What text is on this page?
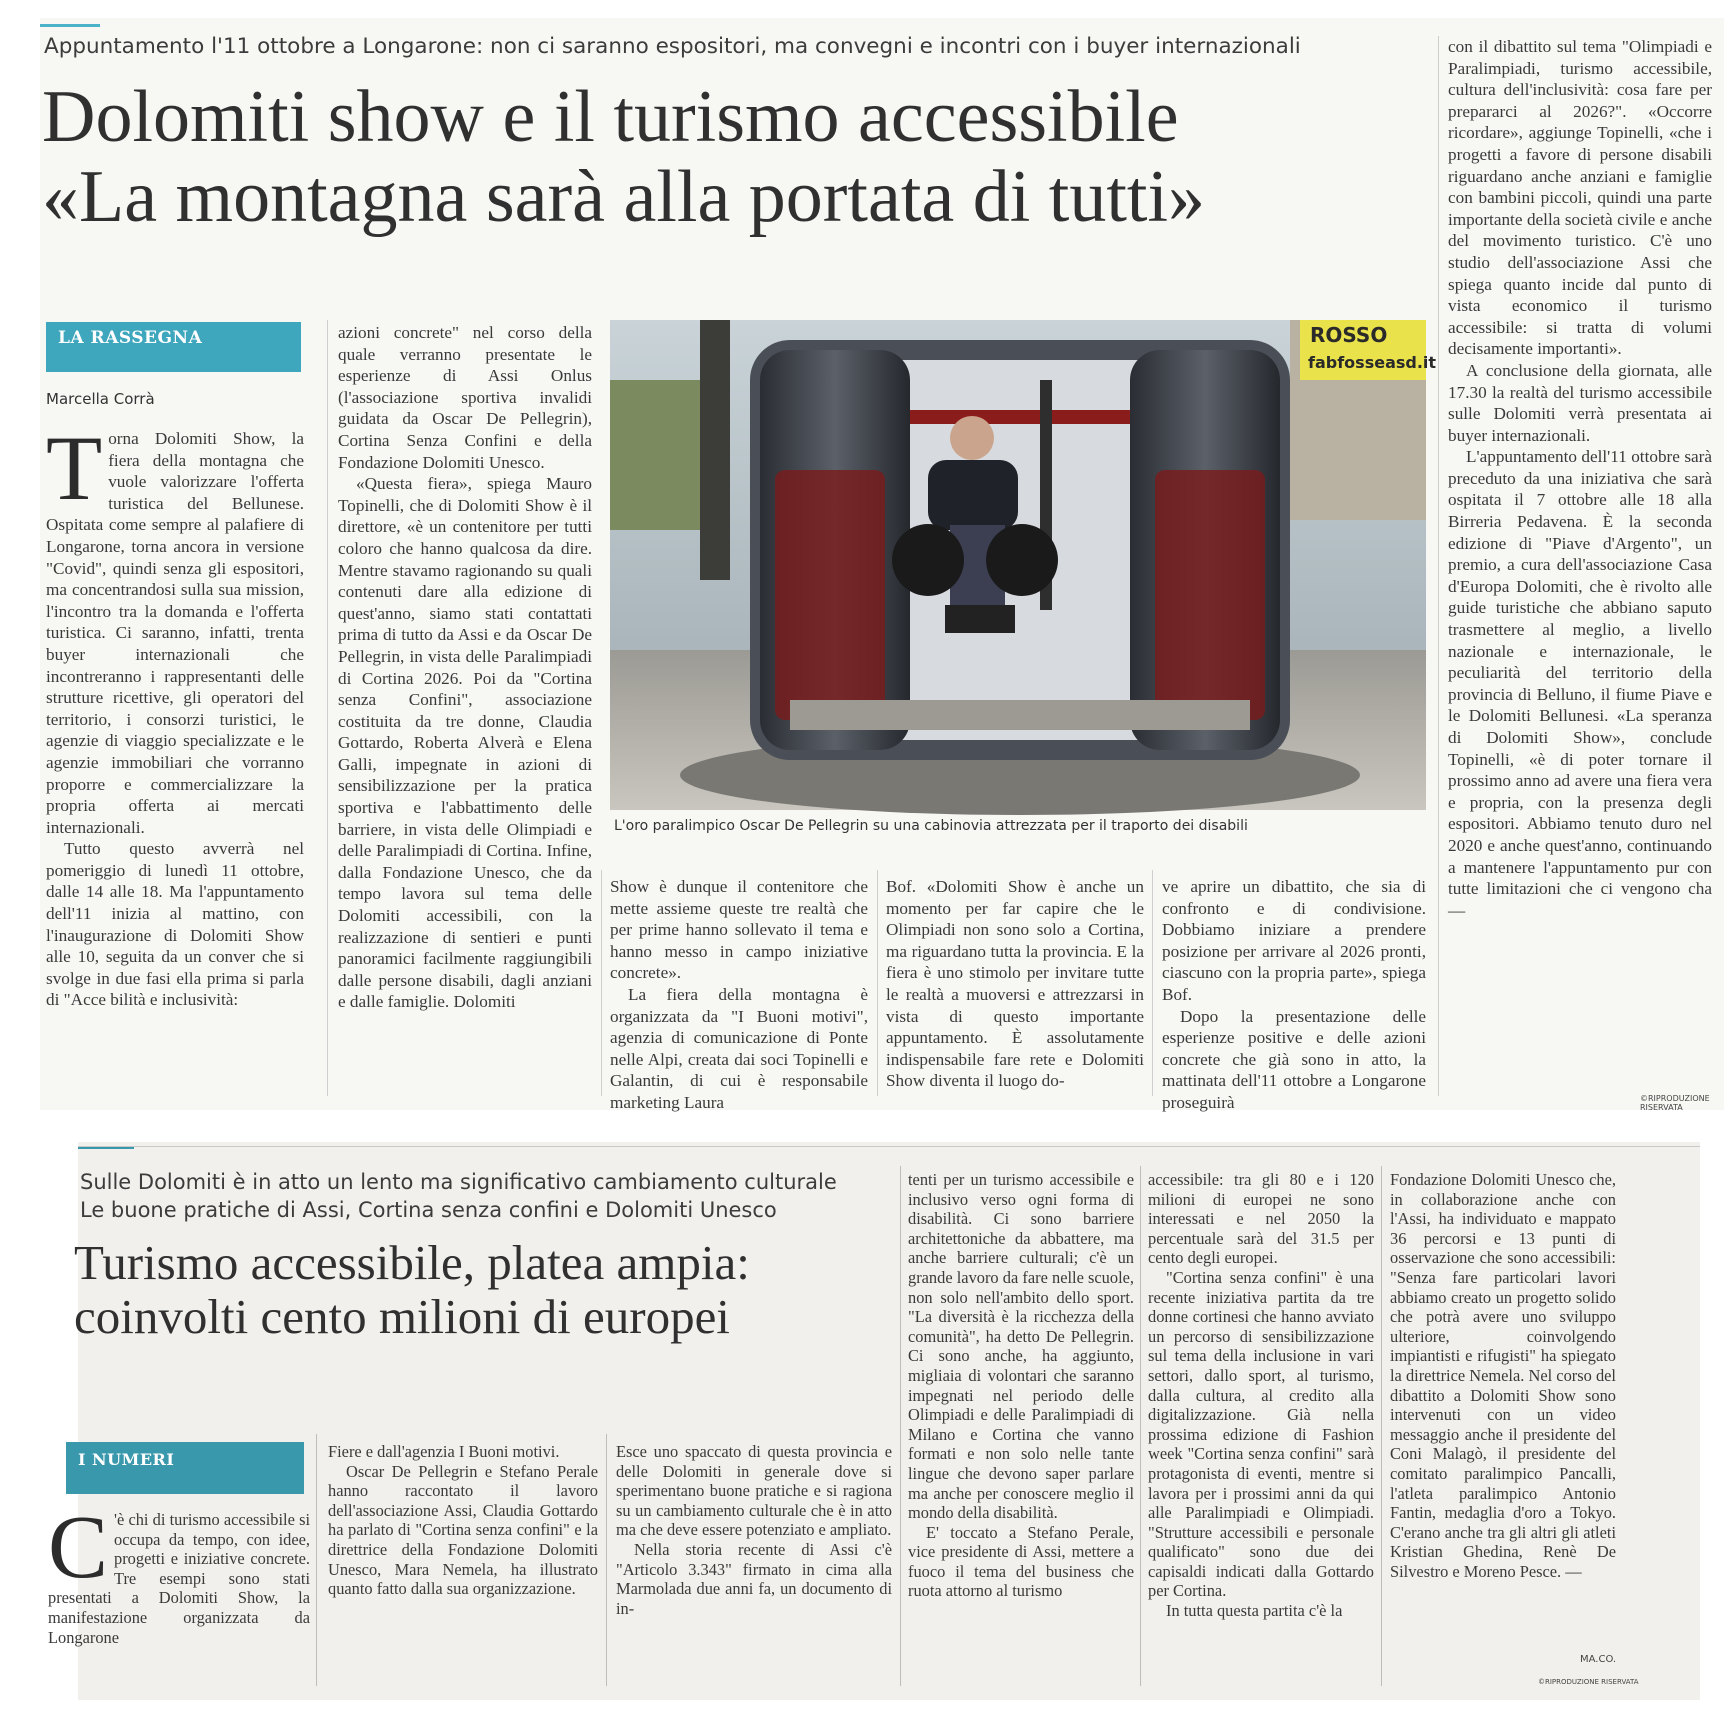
Appuntamento l'11 ottobre a Longarone: non ci saranno espositori, ma convegni e incontri con i buyer internazionali
Dolomiti show e il turismo accessibile
«La montagna sarà alla portata di tutti»
LA RASSEGNA
Marcella Corrà
T orna Dolomiti Show, la fiera della montagna che vuole valorizzare l'offerta turistica del Bellunese. Ospitata come sempre al palafiere di Longarone, torna ancora in versione "Covid", quindi senza gli espositori, ma concentrandosi sulla sua mission, l'incontro tra la domanda e l'offerta turistica. Ci saranno, infatti, trenta buyer internazionali che incontreranno i rappresentanti delle strutture ricettive, gli operatori del territorio, i consorzi turistici, le agenzie di viaggio specializzate e le agenzie immobiliari che vorranno proporre e commercializzare la propria offerta ai mercati internazionali.

Tutto questo avverrà nel pomeriggio di lunedì 11 ottobre, dalle 14 alle 18. Ma l'appuntamento dell'11 inizia al mattino, con l'inaugurazione di Dolomiti Show alle 10, seguita da un conver che si svolge in due fasi ella prima si parla di "Acce bilità e inclusività:

azioni concrete" nel corso della quale verranno presentate le esperienze di Assi Onlus (l'associazione sportiva invalidi guidata da Oscar De Pellegrin), Cortina Senza Confini e della Fondazione Dolomiti Unesco.

«Questa fiera», spiega Mauro Topinelli, che di Dolomiti Show è il direttore, «è un contenitore per tutti coloro che hanno qualcosa da dire. Mentre stavamo ragionando su quali contenuti dare alla edizione di quest'anno, siamo stati contattati prima di tutto da Assi e da Oscar De Pellegrin, in vista delle Paralimpiadi di Cortina 2026. Poi da "Cortina senza Confini", associazione costituita da tre donne, Claudia Gottardo, Roberta Alverà e Elena Galli, impegnate in azioni di sensibilizzazione per la pratica sportiva e l'abbattimento delle barriere, in vista delle Olimpiadi e delle Paralimpiadi di Cortina. Infine, dalla Fondazione Unesco, che da tempo lavora sul tema delle Dolomiti accessibili, con la realizzazione di sentieri e punti panoramici facilmente raggiungibili dalle persone disabili, dagli anziani e dalle famiglie. Dolomiti

ROSSO
fabfosseasd.it
L'oro paralimpico Oscar De Pellegrin su una cabinovia attrezzata per il traporto dei disabili

Show è dunque il contenitore che mette assieme queste tre realtà che per prime hanno sollevato il tema e hanno messo in campo iniziative concrete».

La fiera della montagna è organizzata da "I Buoni motivi", agenzia di comunicazione di Ponte nelle Alpi, creata dai soci Topinelli e Galantin, di cui è responsabile marketing Laura

Bof. «Dolomiti Show è anche un momento per far capire che le Olimpiadi non sono solo a Cortina, ma riguardano tutta la provincia. E la fiera è uno stimolo per invitare tutte le realtà a muoversi e attrezzarsi in vista di questo importante appuntamento. È assolutamente indispensabile fare rete e Dolomiti Show diventa il luogo do-

ve aprire un dibattito, che sia di confronto e di condivisione. Dobbiamo iniziare a prendere posizione per arrivare al 2026 pronti, ciascuno con la propria parte», spiega Bof.

Dopo la presentazione delle esperienze positive e delle azioni concrete che già sono in atto, la mattinata dell'11 ottobre a Longarone proseguirà

con il dibattito sul tema "Olimpiadi e Paralimpiadi, turismo accessibile, cultura dell'inclusività: cosa fare per prepararci al 2026?". «Occorre ricordare», aggiunge Topinelli, «che i progetti a favore di persone disabili riguardano anche anziani e famiglie con bambini piccoli, quindi una parte importante della società civile e anche del movimento turistico. C'è uno studio dell'associazione Assi che spiega quanto incide dal punto di vista economico il turismo accessibile: si tratta di volumi decisamente importanti».

A conclusione della giornata, alle 17.30 la realtà del turismo accessibile sulle Dolomiti verrà presentata ai buyer internazionali.

L'appuntamento dell'11 ottobre sarà preceduto da una iniziativa che sarà ospitata il 7 ottobre alle 18 alla Birreria Pedavena. È la seconda edizione di "Piave d'Argento", un premio, a cura dell'associazione Casa d'Europa Dolomiti, che è rivolto alle guide turistiche che abbiano saputo trasmettere al meglio, a livello nazionale e internazionale, le peculiarità del territorio della provincia di Belluno, il fiume Piave e le Dolomiti Bellunesi. «La speranza di Dolomiti Show», conclude Topinelli, «è di poter tornare il prossimo anno ad avere una fiera vera e propria, con la presenza degli espositori. Abbiamo tenuto duro nel 2020 e anche quest'anno, continuando a mantenere l'appuntamento pur con tutte limitazioni che ci vengono cha —

©RIPRODUZIONE RISERVATA
Sulle Dolomiti è in atto un lento ma significativo cambiamento culturale
Le buone pratiche di Assi, Cortina senza confini e Dolomiti Unesco
Turismo accessibile, platea ampia:
coinvolti cento milioni di europei
I NUMERI
C 'è chi di turismo accessibile si occupa da tempo, con idee, progetti e iniziative concrete. Tre esempi sono stati presentati a Dolomiti Show, la manifestazione organizzata da Longarone

Fiere e dall'agenzia I Buoni motivi.

Oscar De Pellegrin e Stefano Perale hanno raccontato il lavoro dell'associazione Assi, Claudia Gottardo ha parlato di "Cortina senza confini" e la direttrice della Fondazione Dolomiti Unesco, Mara Nemela, ha illustrato quanto fatto dalla sua organizzazione.

Esce uno spaccato di questa provincia e delle Dolomiti in generale dove si sperimentano buone pratiche e si ragiona su un cambiamento culturale che è in atto ma che deve essere potenziato e ampliato.

Nella storia recente di Assi c'è "Articolo 3.343" firmato in cima alla Marmolada due anni fa, un documento di in-

tenti per un turismo accessibile e inclusivo verso ogni forma di disabilità. Ci sono barriere architettoniche da abbattere, ma anche barriere culturali; c'è un grande lavoro da fare nelle scuole, non solo nell'ambito dello sport. "La diversità è la ricchezza della comunità", ha detto De Pellegrin. Ci sono anche, ha aggiunto, migliaia di volontari che saranno impegnati nel periodo delle Olimpiadi e delle Paralimpiadi di Milano e Cortina che vanno formati e non solo nelle tante lingue che devono saper parlare ma anche per conoscere meglio il mondo della disabilità.

E' toccato a Stefano Perale, vice presidente di Assi, mettere a fuoco il tema del business che ruota attorno al turismo

accessibile: tra gli 80 e i 120 milioni di europei ne sono interessati e nel 2050 la percentuale sarà del 31.5 per cento degli europei.

"Cortina senza confini" è una recente iniziativa partita da tre donne cortinesi che hanno avviato un percorso di sensibilizzazione sul tema della inclusione in vari settori, dallo sport, al turismo, dalla cultura, al credito alla digitalizzazione. Già nella prossima edizione di Fashion week "Cortina senza confini" sarà protagonista di eventi, mentre si lavora per i prossimi anni da qui alle Paralimpiadi e Olimpiadi. "Strutture accessibili e personale qualificato" sono due dei capisaldi indicati dalla Gottardo per Cortina.

In tutta questa partita c'è la

Fondazione Dolomiti Unesco che, in collaborazione anche con l'Assi, ha individuato e mappato 36 percorsi e 13 punti di osservazione che sono accessibili: "Senza fare particolari lavori abbiamo creato un progetto solido che potrà avere uno sviluppo ulteriore, coinvolgendo impiantisti e rifugisti" ha spiegato la direttrice Nemela. Nel corso del dibattito a Dolomiti Show sono intervenuti con un video messaggio anche il presidente del Coni Malagò, il presidente del comitato paralimpico Pancalli, l'atleta paralimpico Antonio Fantin, medaglia d'oro a Tokyo. C'erano anche tra gli altri gli atleti Kristian Ghedina, Renè De Silvestro e Moreno Pesce. —

MA.CO.
©RIPRODUZIONE RISERVATA
